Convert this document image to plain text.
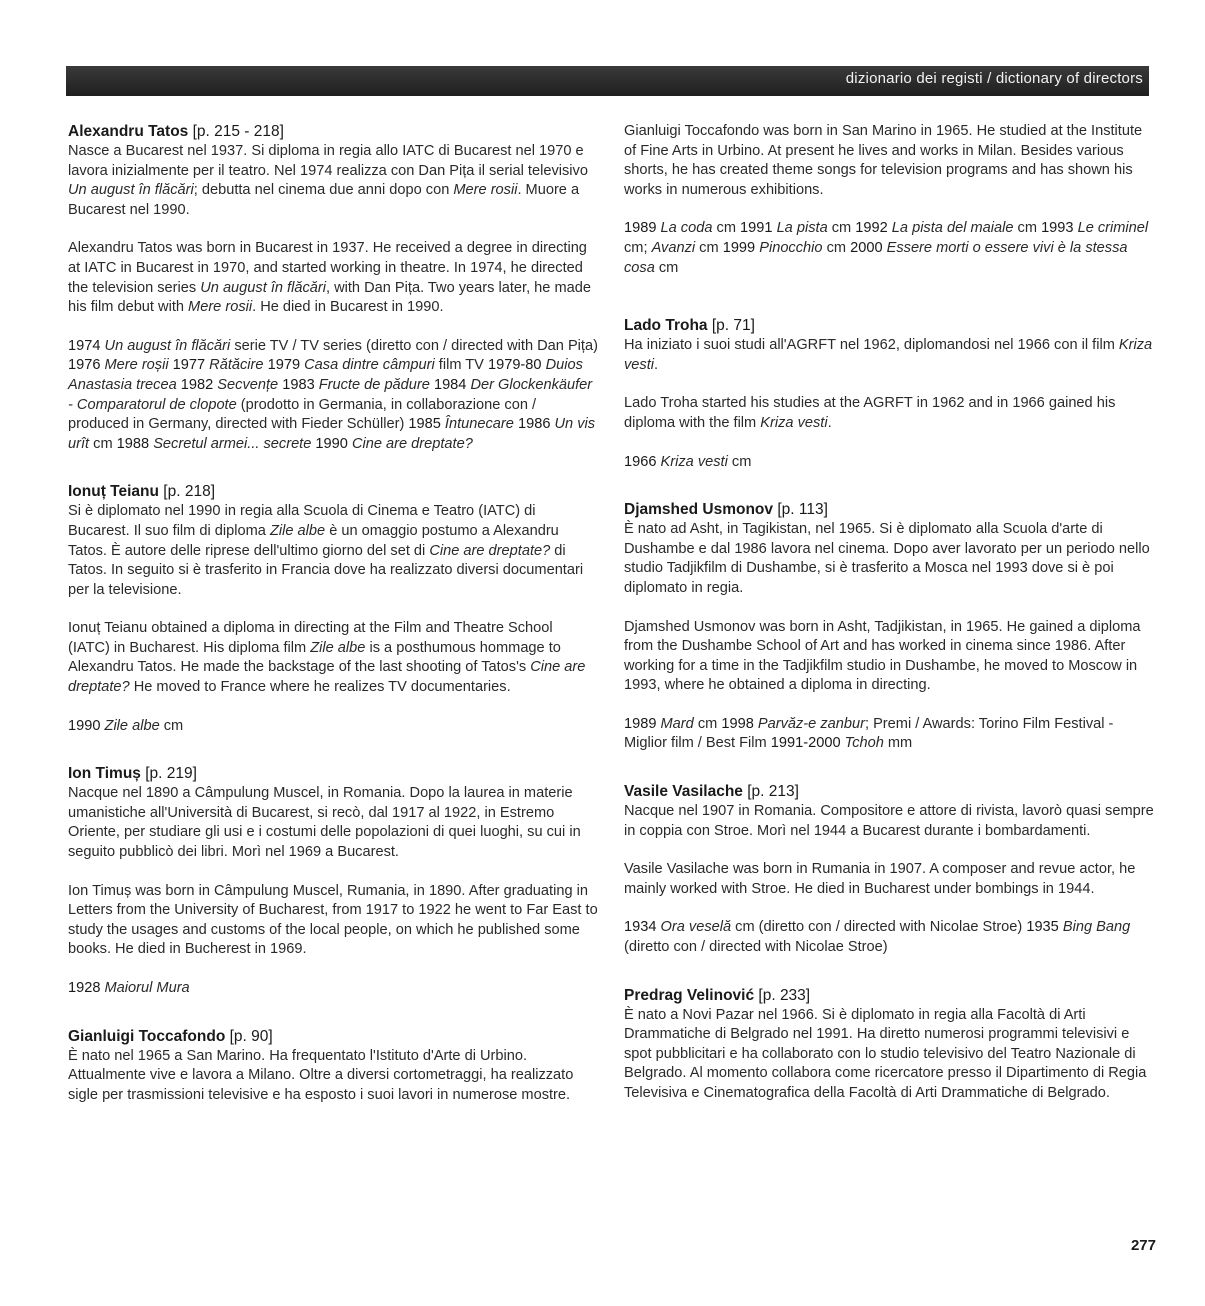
dizionario dei registi / dictionary of directors
Alexandru Tatos [p. 215 - 218]

Nasce a Bucarest nel 1937. Si diploma in regia allo IATC di Bucarest nel 1970 e lavora inizialmente per il teatro. Nel 1974 realizza con Dan Pița il serial televisivo Un august în flăcări; debutta nel cinema due anni dopo con Mere rosii. Muore a Bucarest nel 1990.

Alexandru Tatos was born in Bucarest in 1937. He received a degree in directing at IATC in Bucarest in 1970, and started working in theatre. In 1974, he directed the television series Un august în flăcări, with Dan Pița. Two years later, he made his film debut with Mere rosii. He died in Bucarest in 1990.

1974 Un august în flăcări serie TV / TV series (diretto con / directed with Dan Pița) 1976 Mere roșii 1977 Rătăcire 1979 Casa dintre câmpuri film TV 1979-80 Duios Anastasia trecea 1982 Secvențe 1983 Fructe de pădure 1984 Der Glockenkäufer - Comparatorul de clopote (prodotto in Germania, in collaborazione con / produced in Germany, directed with Fieder Schüller) 1985 Întunecare 1986 Un vis urît cm 1988 Secretul armei... secrete 1990 Cine are dreptate?

Ionuț Teianu [p. 218]

Si è diplomato nel 1990 in regia alla Scuola di Cinema e Teatro (IATC) di Bucarest. Il suo film di diploma Zile albe è un omaggio postumo a Alexandru Tatos. È autore delle riprese dell'ultimo giorno del set di Cine are dreptate? di Tatos. In seguito si è trasferito in Francia dove ha realizzato diversi documentari per la televisione.

Ionuț Teianu obtained a diploma in directing at the Film and Theatre School (IATC) in Bucharest. His diploma film Zile albe is a posthumous hommage to Alexandru Tatos. He made the backstage of the last shooting of Tatos's Cine are dreptate? He moved to France where he realizes TV documentaries.

1990 Zile albe cm

Ion Timuș [p. 219]

Nacque nel 1890 a Câmpulung Muscel, in Romania. Dopo la laurea in materie umanistiche all'Università di Bucarest, si recò, dal 1917 al 1922, in Estremo Oriente, per studiare gli usi e i costumi delle popolazioni di quei luoghi, su cui in seguito pubblicò dei libri. Morì nel 1969 a Bucarest.

Ion Timuș was born in Câmpulung Muscel, Rumania, in 1890. After graduating in Letters from the University of Bucharest, from 1917 to 1922 he went to Far East to study the usages and customs of the local people, on which he published some books. He died in Bucherest in 1969.

1928 Maiorul Mura

Gianluigi Toccafondo [p. 90]

È nato nel 1965 a San Marino. Ha frequentato l'Istituto d'Arte di Urbino. Attualmente vive e lavora a Milano. Oltre a diversi cortometraggi, ha realizzato sigle per trasmissioni televisive e ha esposto i suoi lavori in numerose mostre.

Gianluigi Toccafondo was born in San Marino in 1965. He studied at the Institute of Fine Arts in Urbino. At present he lives and works in Milan. Besides various shorts, he has created theme songs for television programs and has shown his works in numerous exhibitions.

1989 La coda cm 1991 La pista cm 1992 La pista del maiale cm 1993 Le criminel cm; Avanzi cm 1999 Pinocchio cm 2000 Essere morti o essere vivi è la stessa cosa cm

Lado Troha [p. 71]

Ha iniziato i suoi studi all'AGRFT nel 1962, diplomandosi nel 1966 con il film Kriza vesti.

Lado Troha started his studies at the AGRFT in 1962 and in 1966 gained his diploma with the film Kriza vesti.

1966 Kriza vesti cm

Djamshed Usmonov [p. 113]

È nato ad Asht, in Tagikistan, nel 1965. Si è diplomato alla Scuola d'arte di Dushambe e dal 1986 lavora nel cinema. Dopo aver lavorato per un periodo nello studio Tadjikfilm di Dushambe, si è trasferito a Mosca nel 1993 dove si è poi diplomato in regia.

Djamshed Usmonov was born in Asht, Tadjikistan, in 1965. He gained a diploma from the Dushambe School of Art and has worked in cinema since 1986. After working for a time in the Tadjikfilm studio in Dushambe, he moved to Moscow in 1993, where he obtained a diploma in directing.

1989 Mard cm 1998 Parvăz-e zanbur; Premi / Awards: Torino Film Festival - Miglior film / Best Film 1991-2000 Tchoh mm

Vasile Vasilache [p. 213]

Nacque nel 1907 in Romania. Compositore e attore di rivista, lavorò quasi sempre in coppia con Stroe. Morì nel 1944 a Bucarest durante i bombardamenti.

Vasile Vasilache was born in Rumania in 1907. A composer and revue actor, he mainly worked with Stroe. He died in Bucharest under bombings in 1944.

1934 Ora veselă cm (diretto con / directed with Nicolae Stroe) 1935 Bing Bang (diretto con / directed with Nicolae Stroe)

Predrag Velinović [p. 233]

È nato a Novi Pazar nel 1966. Si è diplomato in regia alla Facoltà di Arti Drammatiche di Belgrado nel 1991. Ha diretto numerosi programmi televisivi e spot pubblicitari e ha collaborato con lo studio televisivo del Teatro Nazionale di Belgrado. Al momento collabora come ricercatore presso il Dipartimento di Regia Televisiva e Cinematografica della Facoltà di Arti Drammatiche di Belgrado.

277
